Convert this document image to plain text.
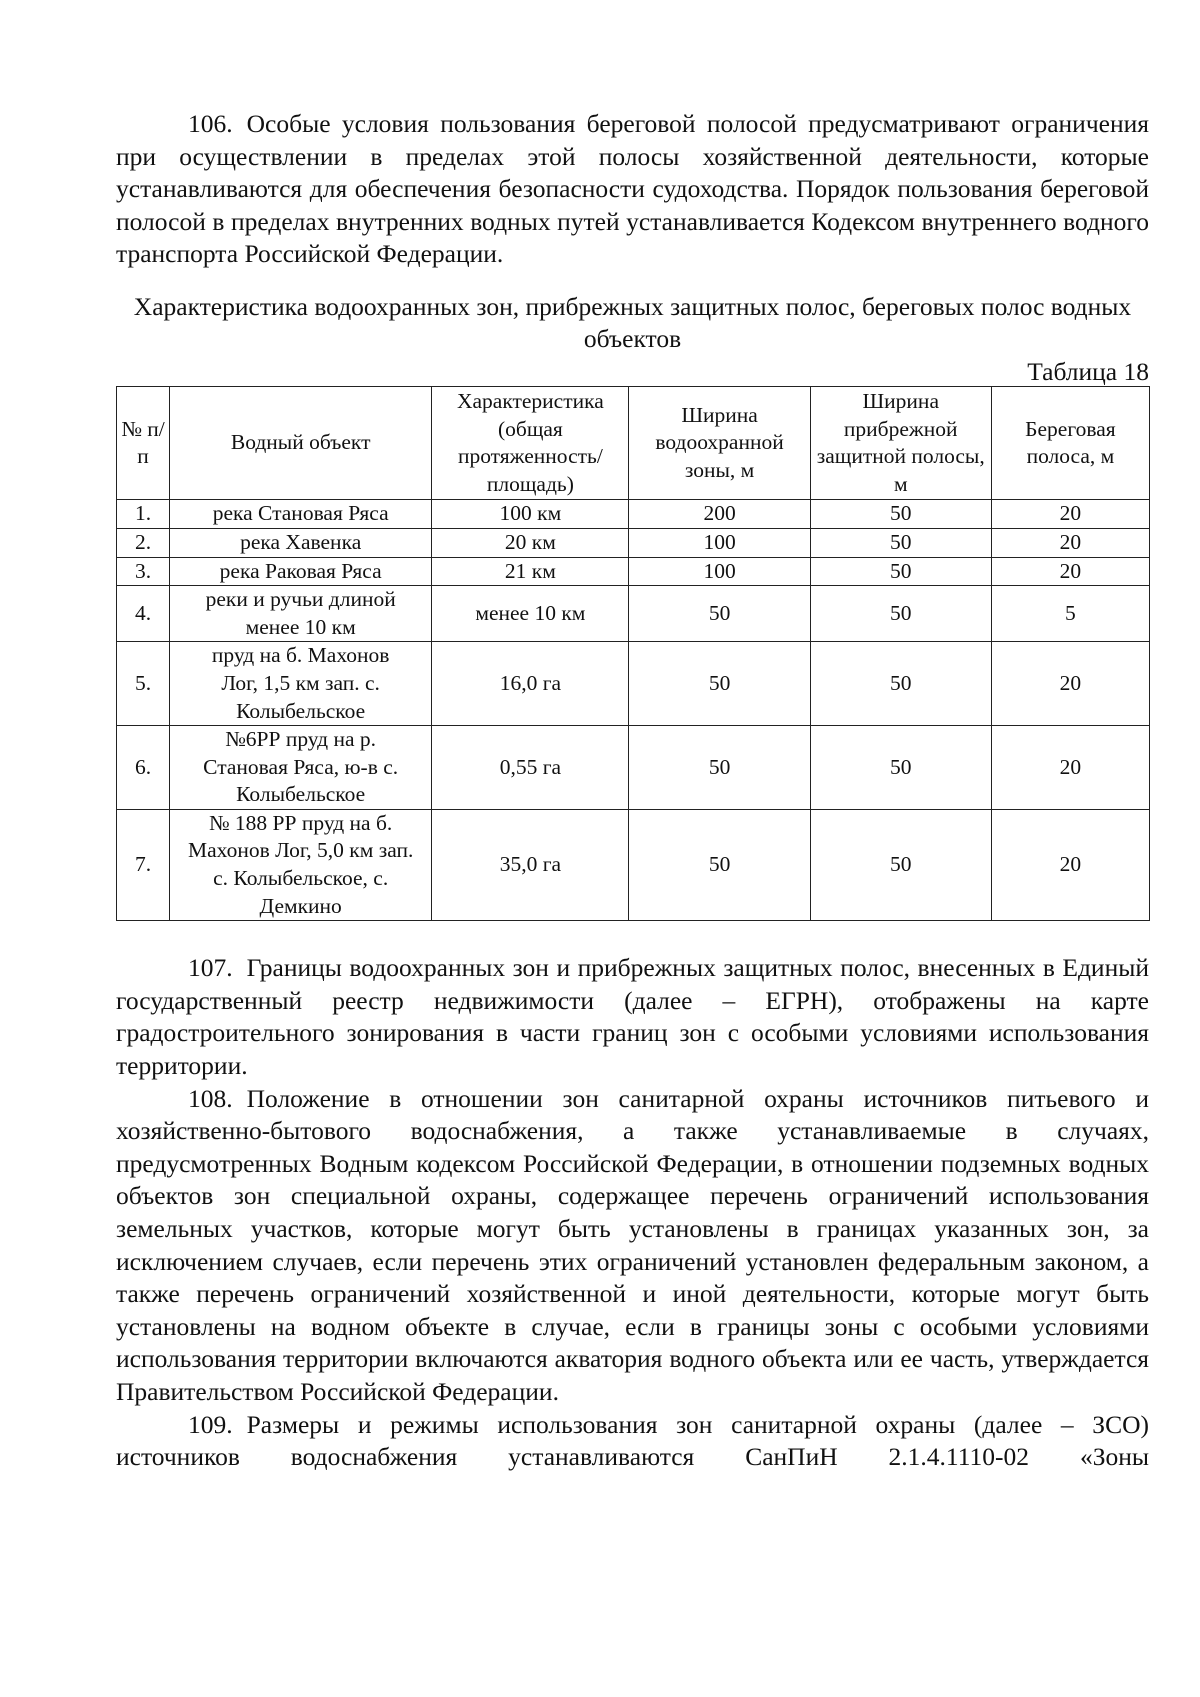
106. Особые условия пользования береговой полосой предусматривают ограничения при осуществлении в пределах этой полосы хозяйственной деятельности, которые устанавливаются для обеспечения безопасности судоходства. Порядок пользования береговой полосой в пределах внутренних водных путей устанавливается Кодексом внутреннего водного транспорта Российской Федерации.

Характеристика водоохранных зон, прибрежных защитных полос, береговых полос водных объектов

Таблица 18

№ п/п	Водный объект	Характеристика (общая протяженность/ площадь)	Ширина водоохранной зоны, м	Ширина прибрежной защитной полосы, м	Береговая полоса, м
1.	река Становая Ряса	100 км	200	50	20
2.	река Хавенка	20 км	100	50	20
3.	река Раковая Ряса	21 км	100	50	20
4.	реки и ручьи длиной менее 10 км	менее 10 км	50	50	5
5.	пруд на б. Махонов Лог, 1,5 км зап. с. Колыбельское	16,0 га	50	50	20
6.	№6РР пруд на р. Становая Ряса, ю-в с. Колыбельское	0,55 га	50	50	20
7.	№ 188 РР пруд на б. Махонов Лог, 5,0 км зап. с. Колыбельское, с. Демкино	35,0 га	50	50	20

107. Границы водоохранных зон и прибрежных защитных полос, внесенных в Единый государственный реестр недвижимости (далее – ЕГРН), отображены на карте градостроительного зонирования в части границ зон с особыми условиями использования территории.

108. Положение в отношении зон санитарной охраны источников питьевого и хозяйственно-бытового водоснабжения, а также устанавливаемые в случаях, предусмотренных Водным кодексом Российской Федерации, в отношении подземных водных объектов зон специальной охраны, содержащее перечень ограничений использования земельных участков, которые могут быть установлены в границах указанных зон, за исключением случаев, если перечень этих ограничений установлен федеральным законом, а также перечень ограничений хозяйственной и иной деятельности, которые могут быть установлены на водном объекте в случае, если в границы зоны с особыми условиями использования территории включаются акватория водного объекта или ее часть, утверждается Правительством Российской Федерации.

109. Размеры и режимы использования зон санитарной охраны (далее – ЗСО) источников водоснабжения устанавливаются СанПиН 2.1.4.1110-02 «Зоны
